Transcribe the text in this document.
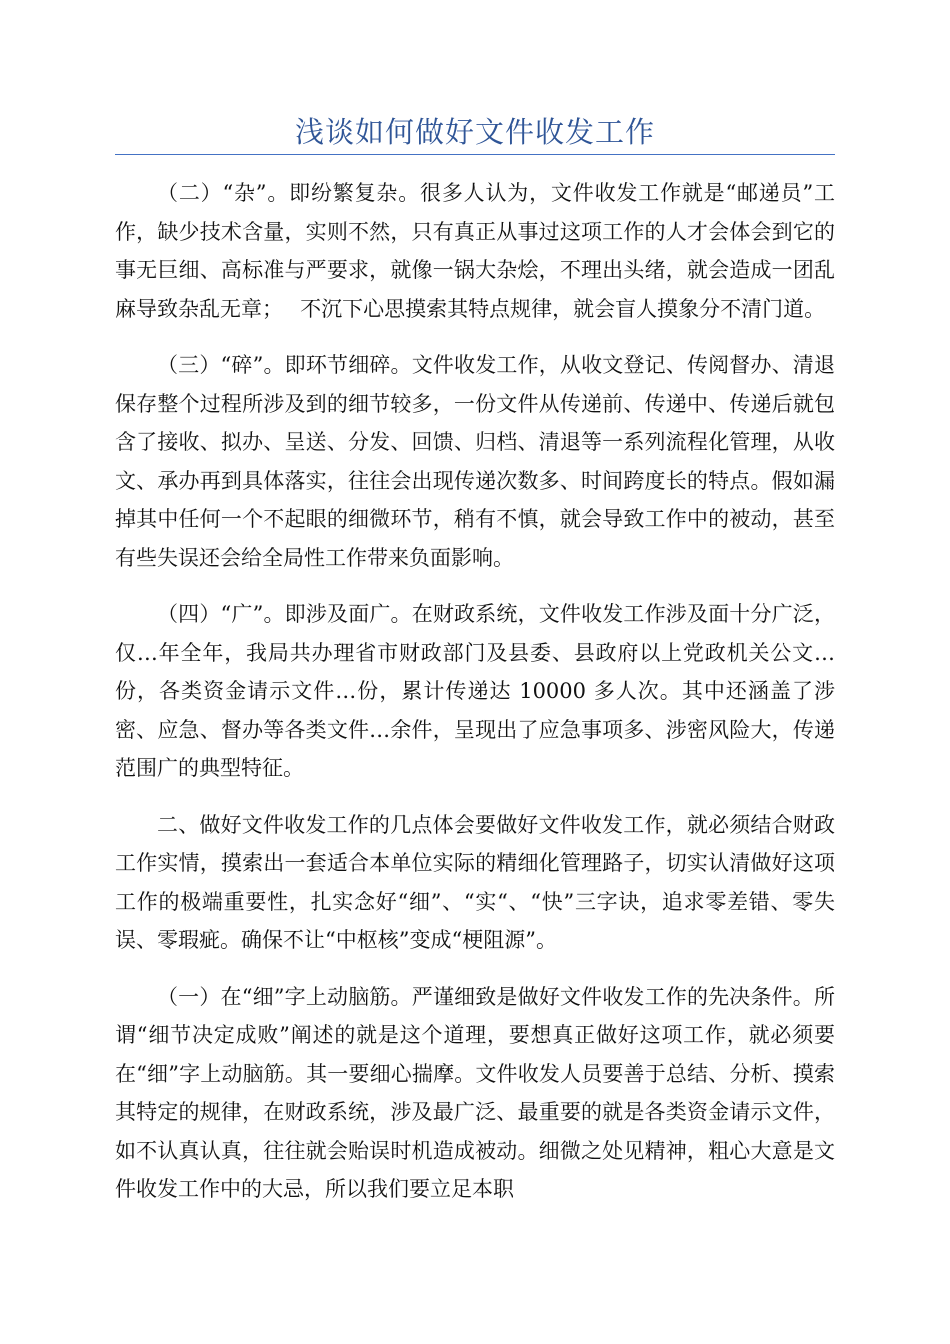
浅谈如何做好文件收发工作

（二）“杂”。即纷繁复杂。很多人认为，文件收发工作就是“邮递员”工作，缺少技术含量，实则不然，只有真正从事过这项工作的人才会体会到它的事无巨细、高标准与严要求，就像一锅大杂烩，不理出头绪，就会造成一团乱麻导致杂乱无章；　 不沉下心思摸索其特点规律，就会盲人摸象分不清门道。

（三）“碎”。即环节细碎。文件收发工作，从收文登记、传阅督办、清退保存整个过程所涉及到的细节较多，一份文件从传递前、传递中、传递后就包含了接收、拟办、呈送、分发、回馈、归档、清退等一系列流程化管理，从收文、承办再到具体落实，往往会出现传递次数多、时间跨度长的特点。假如漏掉其中任何一个不起眼的细微环节，稍有不慎，就会导致工作中的被动，甚至有些失误还会给全局性工作带来负面影响。

（四）“广”。即涉及面广。在财政系统，文件收发工作涉及面十分广泛，仅…年全年，我局共办理省市财政部门及县委、县政府以上党政机关公文…份，各类资金请示文件…份，累计传递达 10000 多人次。其中还涵盖了涉密、应急、督办等各类文件…余件，呈现出了应急事项多、涉密风险大，传递范围广的典型特征。

二、做好文件收发工作的几点体会要做好文件收发工作，就必须结合财政工作实情，摸索出一套适合本单位实际的精细化管理路子，切实认清做好这项工作的极端重要性，扎实念好“细”、“实“、“快”三字诀，追求零差错、零失误、零瑕疵。确保不让“中枢核”变成“梗阻源”。

（一）在“细”字上动脑筋。严谨细致是做好文件收发工作的先决条件。所谓“细节决定成败”阐述的就是这个道理，要想真正做好这项工作，就必须要在“细”字上动脑筋。其一要细心揣摩。文件收发人员要善于总结、分析、摸索其特定的规律，在财政系统，涉及最广泛、最重要的就是各类资金请示文件，如不认真认真，往往就会贻误时机造成被动。细微之处见精神，粗心大意是文件收发工作中的大忌，所以我们要立足本职
